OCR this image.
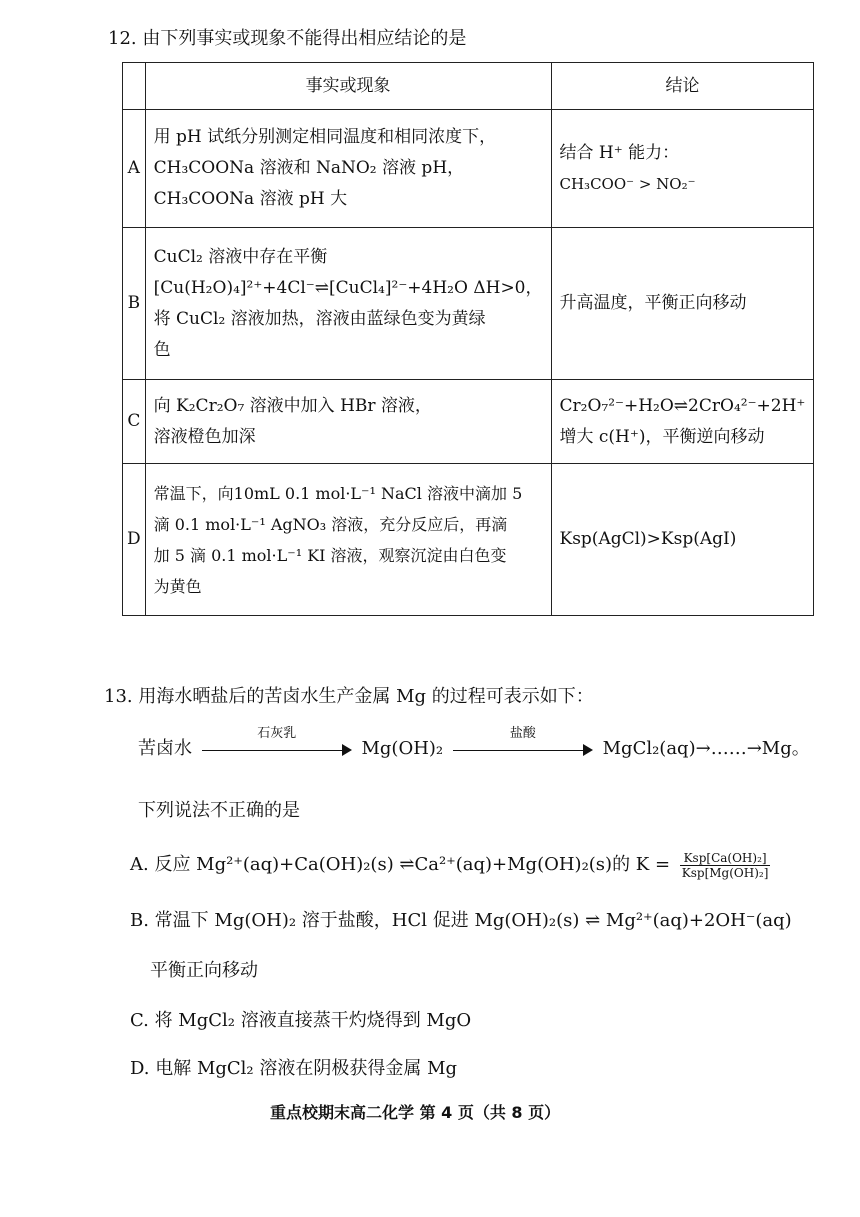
12. 由下列事实或现象不能得出相应结论的是
	事实或现象	结论
A	用 pH 试纸分别测定相同温度和相同浓度下，
CH₃COONa 溶液和 NaNO₂ 溶液 pH，
CH₃COONa 溶液 pH 大	结合 H⁺ 能力：
CH₃COO⁻ > NO₂⁻

B	CuCl₂ 溶液中存在平衡
[Cu(H₂O)₄]²⁺+4Cl⁻⇌[CuCl₄]²⁻+4H₂O ΔH>0，
将 CuCl₂ 溶液加热，溶液由蓝绿色变为黄绿
色	升高温度，平衡正向移动

C	向 K₂Cr₂O₇ 溶液中加入 HBr 溶液，
溶液橙色加深	Cr₂O₇²⁻+H₂O⇌2CrO₄²⁻+2H⁺
增大 c(H⁺)，平衡逆向移动

D	常温下，向10mL 0.1 mol·L⁻¹ NaCl 溶液中滴加 5
滴 0.1 mol·L⁻¹ AgNO₃ 溶液，充分反应后，再滴
加 5 滴 0.1 mol·L⁻¹ KI 溶液，观察沉淀由白色变
为黄色	Ksp(AgCl)>Ksp(AgI)
13. 用海水晒盐后的苦卤水生产金属 Mg 的过程可表示如下：
苦卤水
石灰乳
Mg(OH)₂
盐酸
MgCl₂(aq)→……→Mg。
下列说法不正确的是
A. 反应 Mg²⁺(aq)+Ca(OH)₂(s) ⇌Ca²⁺(aq)+Mg(OH)₂(s)的 $K = \frac{\text{Ksp[Ca(OH)₂]}}{\text{Ksp[Mg(OH)₂]}}$
B. 常温下 Mg(OH)₂ 溶于盐酸，HCl 促进 Mg(OH)₂(s) ⇌ Mg²⁺(aq)+2OH⁻(aq)
平衡正向移动
C. 将 MgCl₂ 溶液直接蒸干灼烧得到 MgO
D. 电解 MgCl₂ 溶液在阴极获得金属 Mg
重点校期末高二化学 第 4 页（共 8 页）
